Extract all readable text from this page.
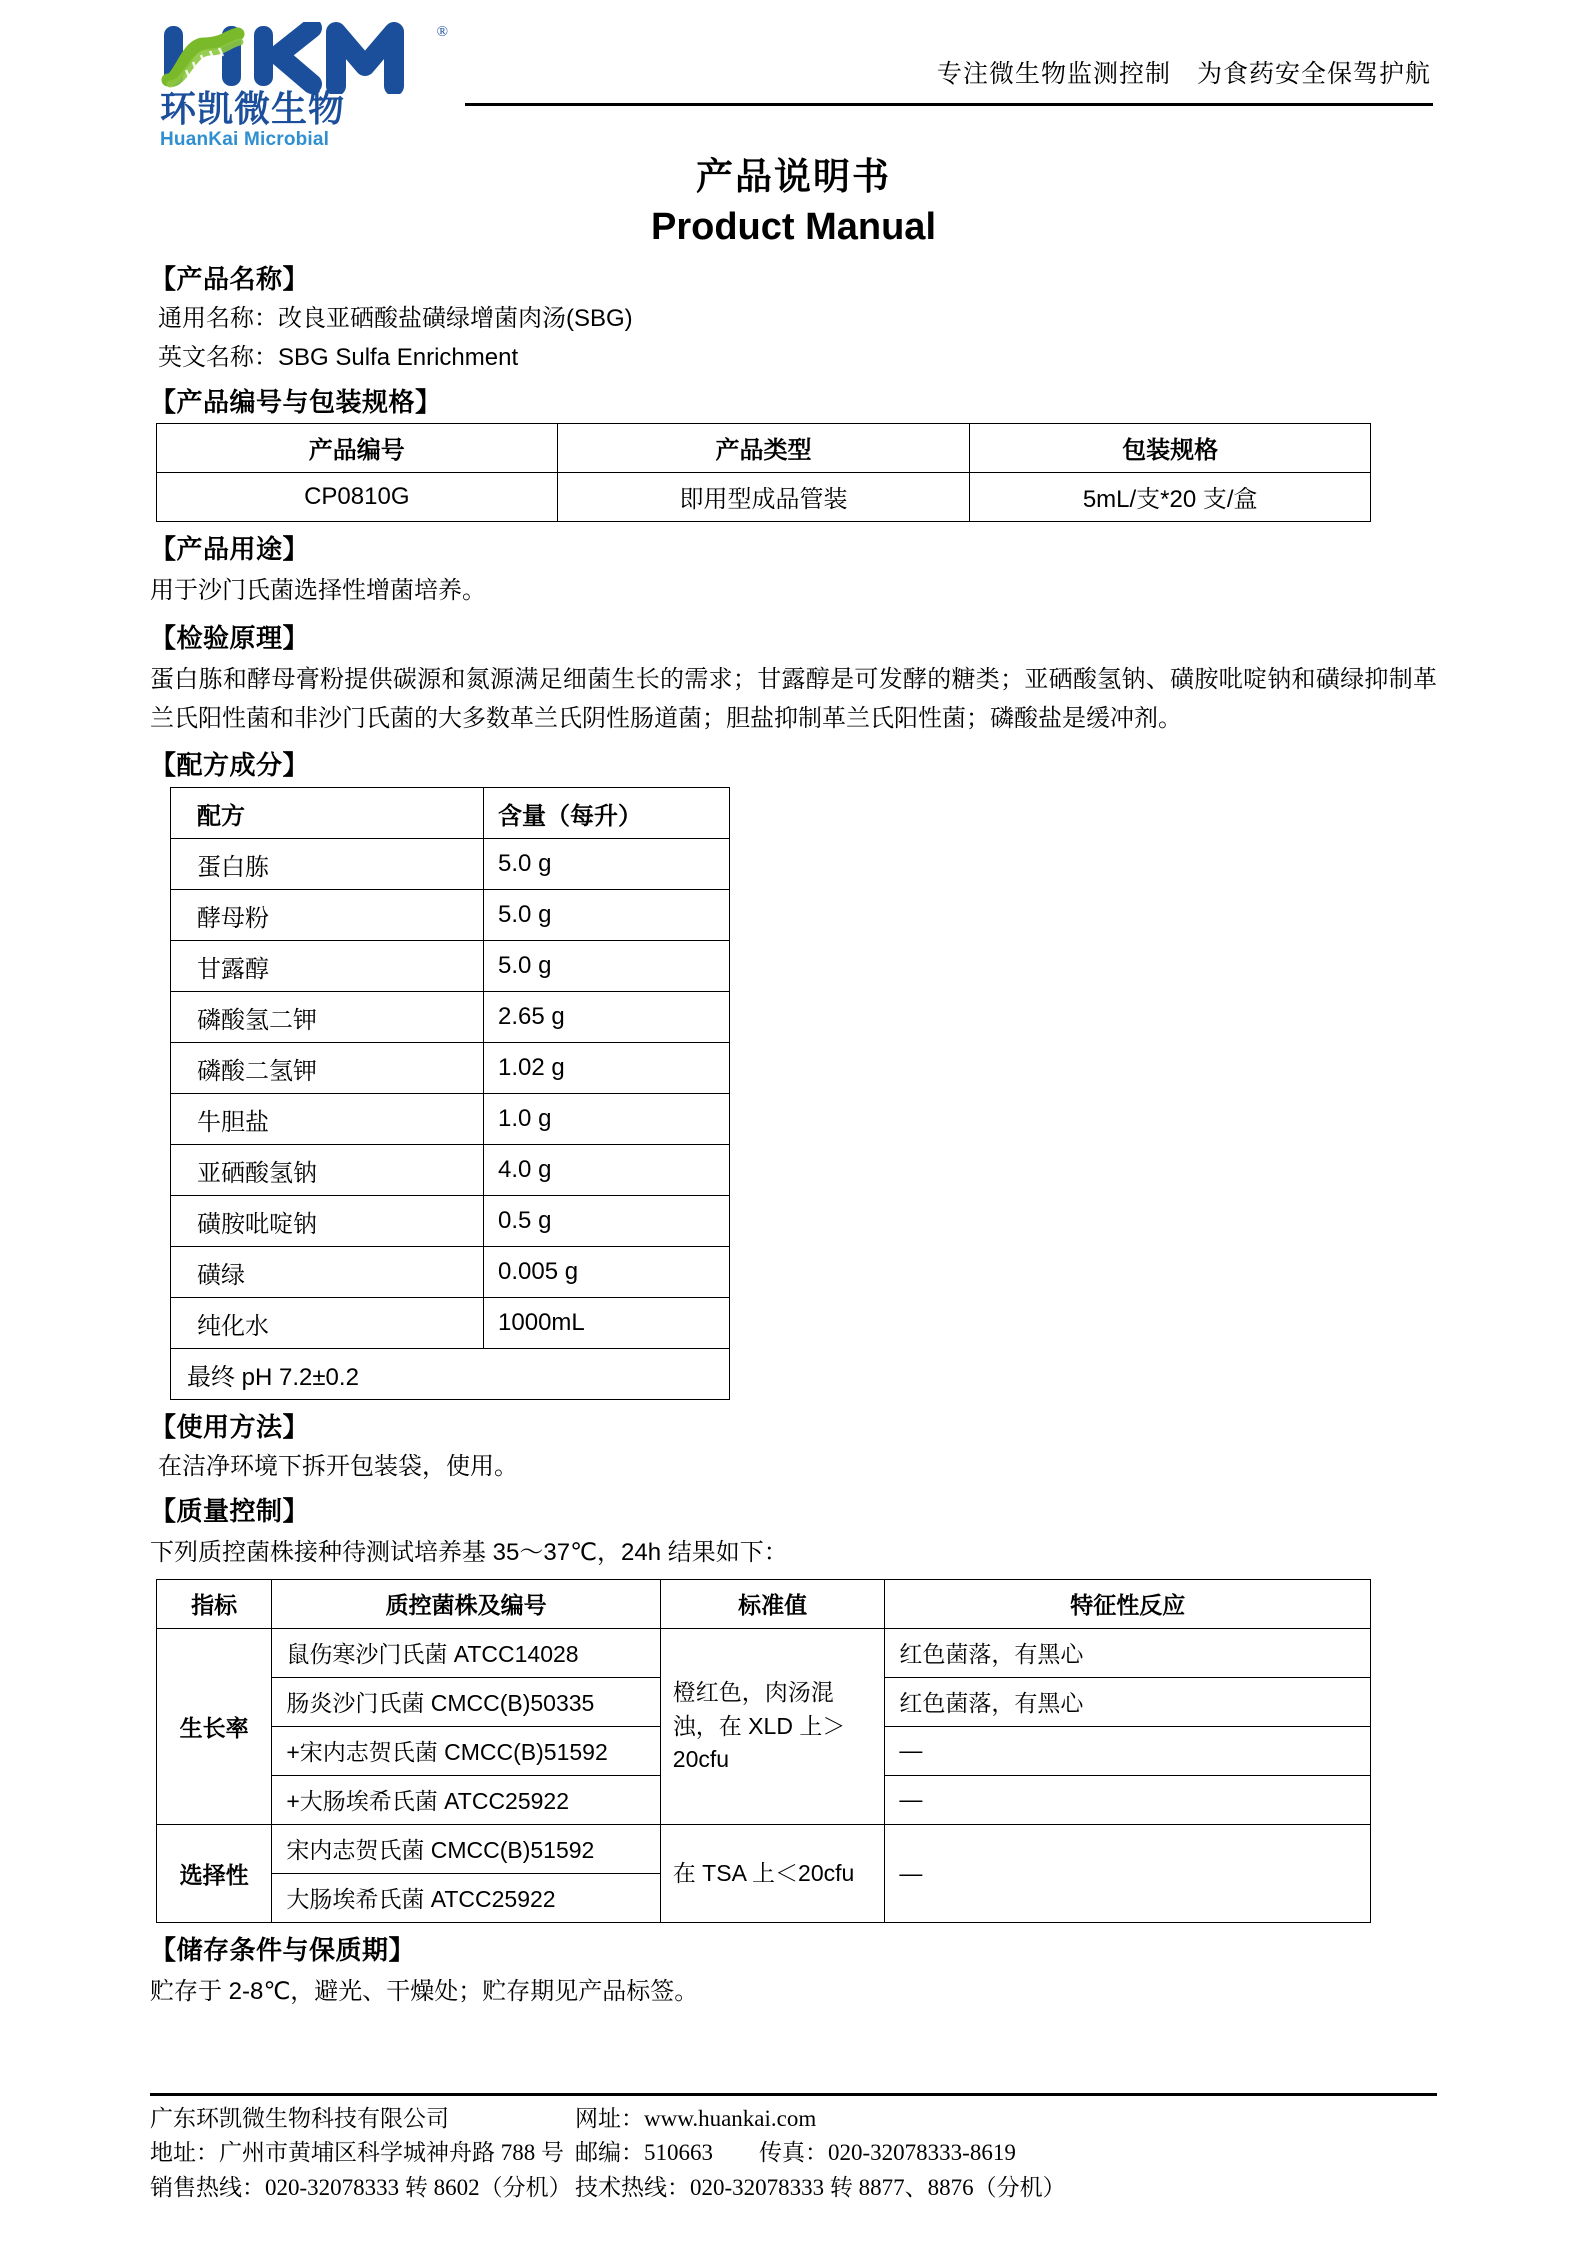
®
环凯微生物
HuanKai Microbial
专注微生物监测控制　为食药安全保驾护航
产品说明书
Product Manual
【产品名称】
通用名称：改良亚硒酸盐磺绿增菌肉汤(SBG)
英文名称：SBG Sulfa Enrichment
【产品编号与包装规格】
产品编号	产品类型	包装规格
CP0810G	即用型成品管装	5mL/支*20 支/盒
【产品用途】
用于沙门氏菌选择性增菌培养。
【检验原理】
蛋白胨和酵母膏粉提供碳源和氮源满足细菌生长的需求；甘露醇是可发酵的糖类；亚硒酸氢钠、磺胺吡啶钠和磺绿抑制革兰氏阳性菌和非沙门氏菌的大多数革兰氏阴性肠道菌；胆盐抑制革兰氏阳性菌；磷酸盐是缓冲剂。
【配方成分】
配方	含量（每升）
蛋白胨	5.0 g
酵母粉	5.0 g
甘露醇	5.0 g
磷酸氢二钾	2.65 g
磷酸二氢钾	1.02 g
牛胆盐	1.0 g
亚硒酸氢钠	4.0 g
磺胺吡啶钠	0.5 g
磺绿	0.005 g
纯化水	1000mL
最终 pH 7.2±0.2	
【使用方法】
在洁净环境下拆开包装袋，使用。
【质量控制】
下列质控菌株接种待测试培养基 35～37℃，24h 结果如下：
指标	质控菌株及编号	标准值	特征性反应
生长率	鼠伤寒沙门氏菌 ATCC14028	橙红色，肉汤混浊，在 XLD 上＞20cfu	红色菌落，有黑心
	肠炎沙门氏菌 CMCC(B)50335		红色菌落，有黑心
	+宋内志贺氏菌 CMCC(B)51592		—
	+大肠埃希氏菌 ATCC25922		—
选择性	宋内志贺氏菌 CMCC(B)51592	在 TSA 上＜20cfu	—
	大肠埃希氏菌 ATCC25922		
【储存条件与保质期】
贮存于 2-8℃，避光、干燥处；贮存期见产品标签。
广东环凯微生物科技有限公司
地址：广州市黄埔区科学城神舟路 788 号
销售热线：020-32078333 转 8602（分机）
网址：www.huankai.com
邮编：510663　　传真：020-32078333-8619
技术热线：020-32078333 转 8877、8876（分机）
